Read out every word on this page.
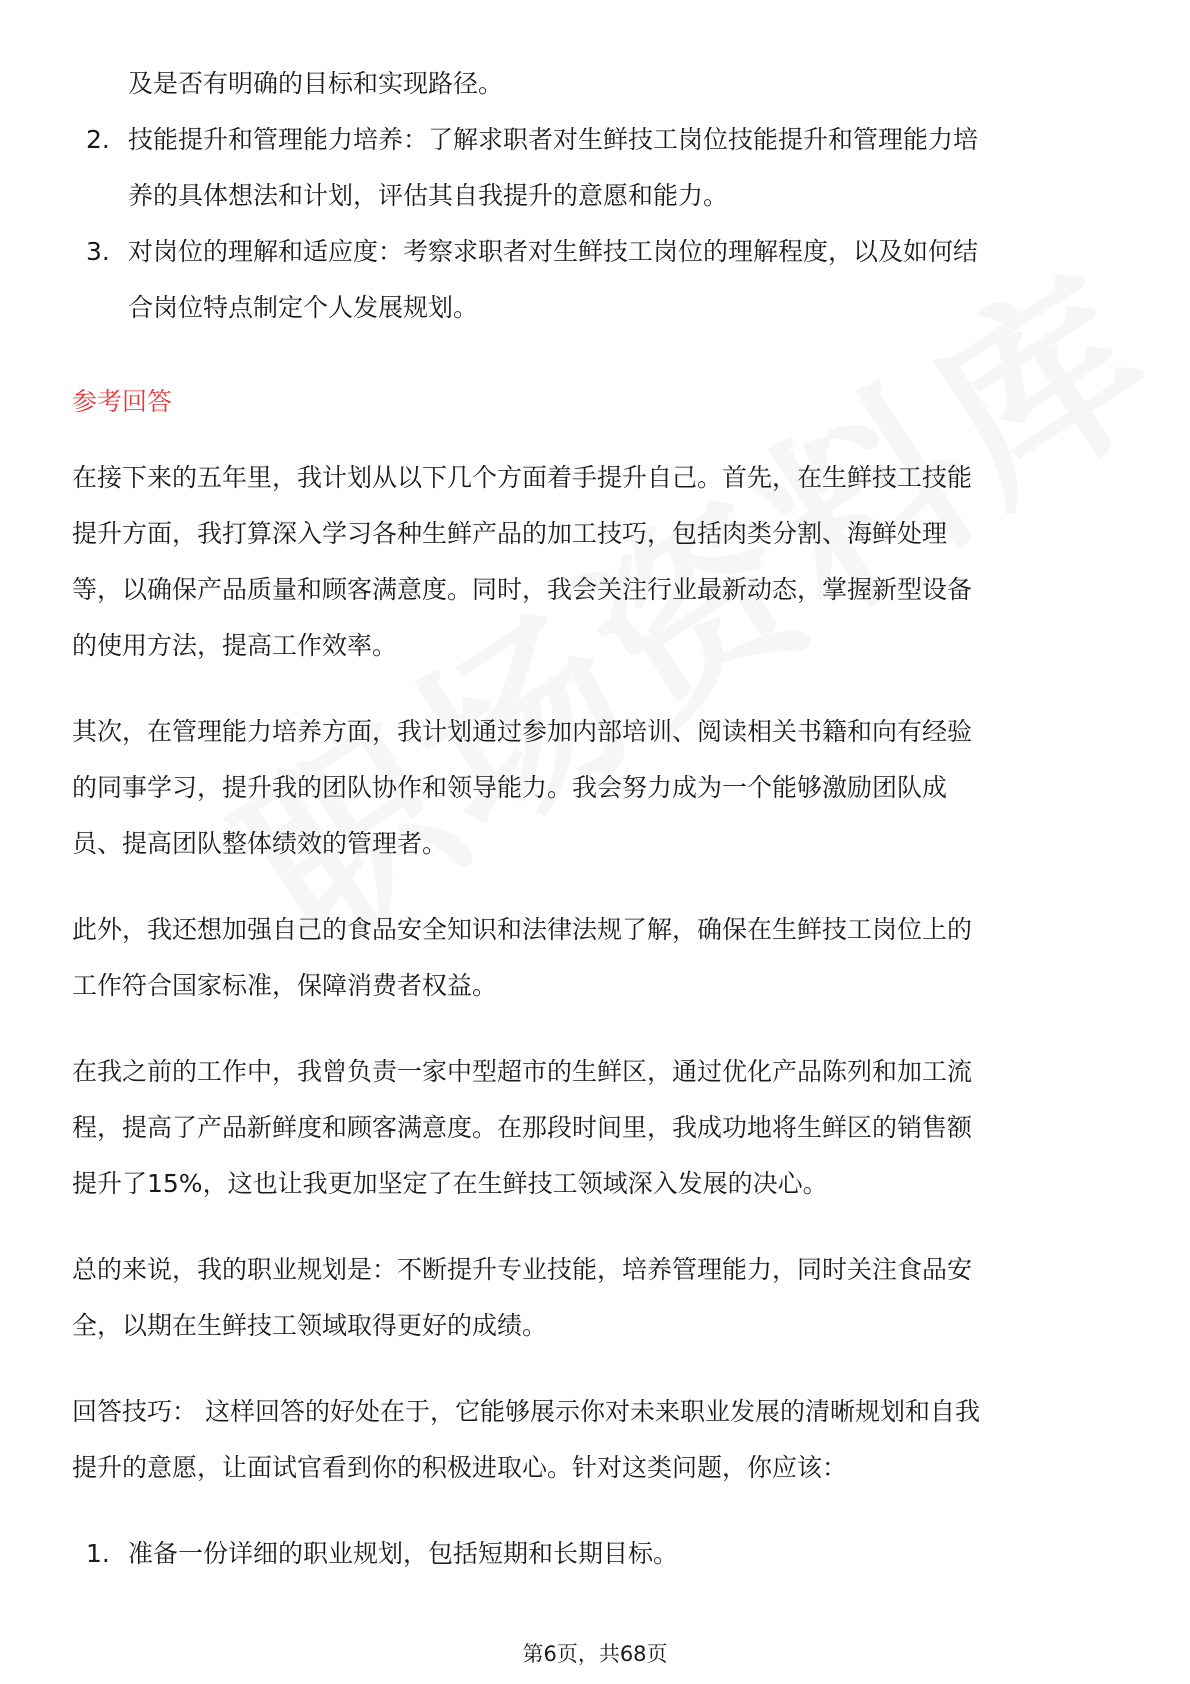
及是否有明确的目标和实现路径。

2. 技能提升和管理能力培养：了解求职者对生鲜技工岗位技能提升和管理能力培

养的具体想法和计划，评估其自我提升的意愿和能力。

3. 对岗位的理解和适应度：考察求职者对生鲜技工岗位的理解程度，以及如何结

合岗位特点制定个人发展规划。

参考回答
在接下来的五年里，我计划从以下几个方面着手提升自己。首先，在生鲜技工技能
提升方面，我打算深入学习各种生鲜产品的加工技巧，包括肉类分割、海鲜处理
等，以确保产品质量和顾客满意度。同时，我会关注行业最新动态，掌握新型设备
的使用方法，提高工作效率。
其次，在管理能力培养方面，我计划通过参加内部培训、阅读相关书籍和向有经验
的同事学习，提升我的团队协作和领导能力。我会努力成为一个能够激励团队成
员、提高团队整体绩效的管理者。
此外，我还想加强自己的食品安全知识和法律法规了解，确保在生鲜技工岗位上的
工作符合国家标准，保障消费者权益。
在我之前的工作中，我曾负责一家中型超市的生鲜区，通过优化产品陈列和加工流
程，提高了产品新鲜度和顾客满意度。在那段时间里，我成功地将生鲜区的销售额
提升了15%，这也让我更加坚定了在生鲜技工领域深入发展的决心。
总的来说，我的职业规划是：不断提升专业技能，培养管理能力，同时关注食品安
全，以期在生鲜技工领域取得更好的成绩。
回答技巧： 这样回答的好处在于，它能够展示你对未来职业发展的清晰规划和自我
提升的意愿，让面试官看到你的积极进取心。针对这类问题，你应该：

1. 准备一份详细的职业规划，包括短期和长期目标。

第6页，共68页
